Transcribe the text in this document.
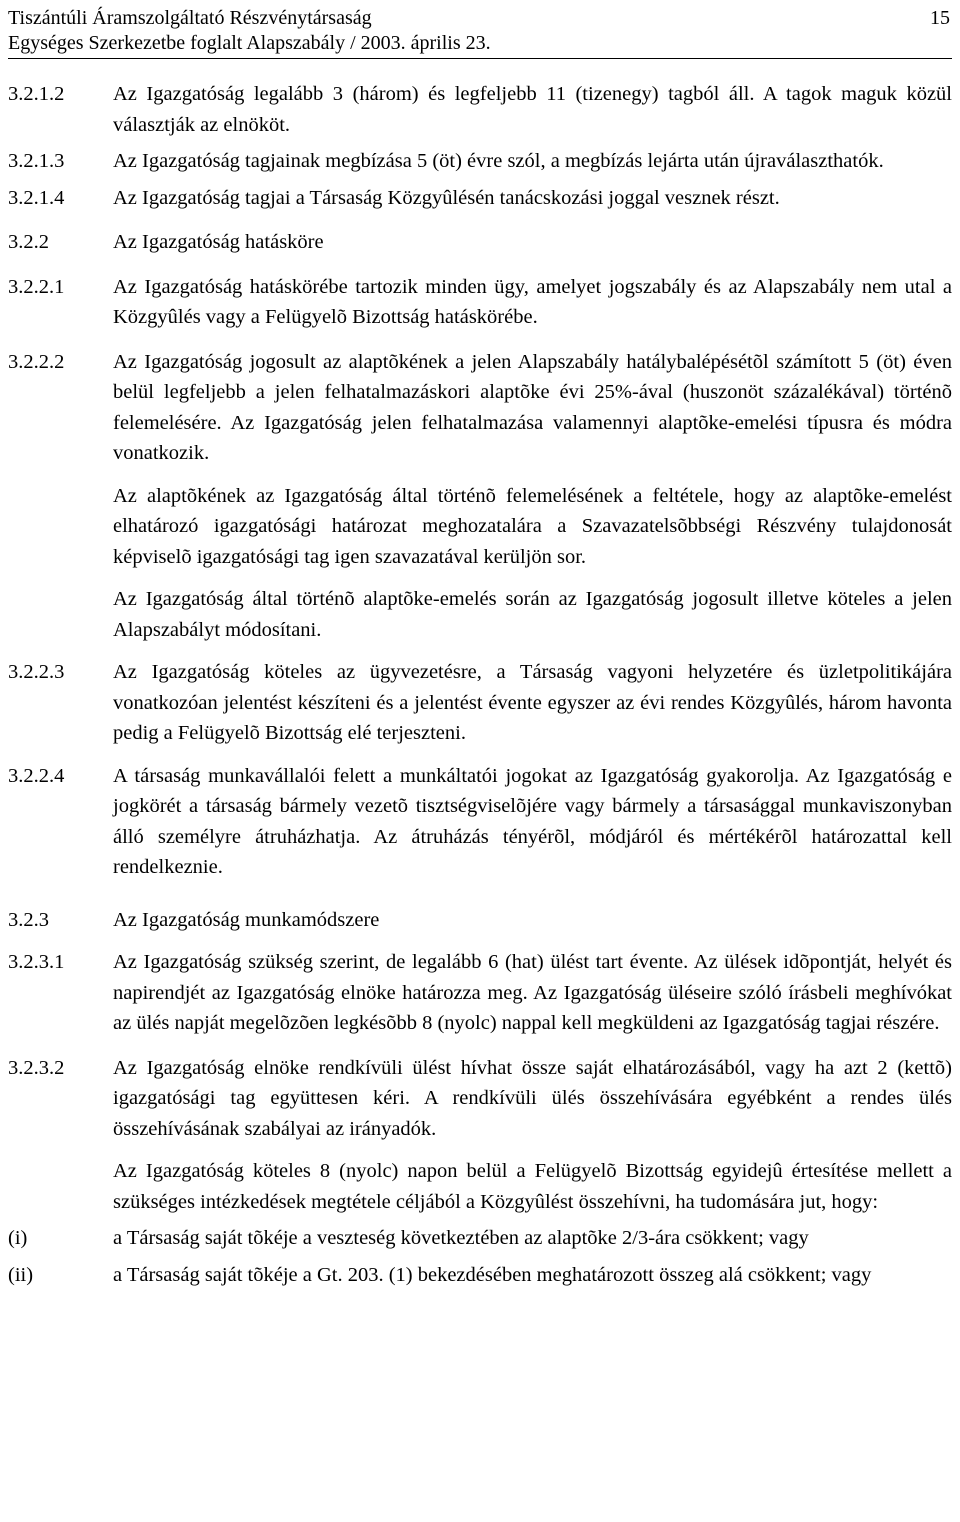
Tiszántúli Áramszolgáltató Részvénytársaság
Egységes Szerkezetbe foglalt Alapszabály / 2003. április 23.
15
3.2.1.2	Az Igazgatóság legalább 3 (három) és legfeljebb 11 (tizenegy) tagból áll. A tagok maguk közül választják az elnököt.
3.2.1.3	Az Igazgatóság tagjainak megbízása 5 (öt) évre szól, a megbízás lejárta után újraválaszthatók.
3.2.1.4	Az Igazgatóság tagjai a Társaság Közgyûlésén tanácskozási joggal vesznek részt.
3.2.2	Az Igazgatóság hatásköre
3.2.2.1	Az Igazgatóság hatáskörébe tartozik minden ügy, amelyet jogszabály és az Alapszabály nem utal a Közgyûlés vagy a Felügyelõ Bizottság hatáskörébe.
3.2.2.2	Az Igazgatóság jogosult az alaptõkének a jelen Alapszabály hatálybalépésétõl számított 5 (öt) éven belül legfeljebb a jelen felhatalmazáskori alaptõke évi 25%-ával (huszonöt százalékával) történõ felemelésére. Az Igazgatóság jelen felhatalmazása valamennyi alaptõke-emelési típusra és módra vonatkozik.
Az alaptõkének az Igazgatóság által történõ felemelésének a feltétele, hogy az alaptõke-emelést elhatározó igazgatósági határozat meghozatalára a Szavazatelsõbbségi Részvény tulajdonosát képviselõ igazgatósági tag igen szavazatával kerüljön sor.
Az Igazgatóság által történõ alaptõke-emelés során az Igazgatóság jogosult illetve köteles a jelen Alapszabályt módosítani.
3.2.2.3	Az Igazgatóság köteles az ügyvezetésre, a Társaság vagyoni helyzetére és üzletpolitikájára vonatkozóan jelentést készíteni és a jelentést évente egyszer az évi rendes Közgyûlés, három havonta pedig a Felügyelõ Bizottság elé terjeszteni.
3.2.2.4	A társaság munkavállalói felett a munkáltatói jogokat az Igazgatóság gyakorolja. Az Igazgatóság e jogkörét a társaság bármely vezetõ tisztségviselõjére vagy bármely a társasággal munkaviszonyban álló személyre átruházhatja. Az átruházás tényérõl, módjáról és mértékérõl határozattal kell rendelkeznie.
3.2.3	Az Igazgatóság munkamódszere
3.2.3.1	Az Igazgatóság szükség szerint, de legalább 6 (hat) ülést tart évente. Az ülések idõpontját, helyét és napirendjét az Igazgatóság elnöke határozza meg. Az Igazgatóság üléseire szóló írásbeli meghívókat az ülés napját megelõzõen legkésõbb 8 (nyolc) nappal kell megküldeni az Igazgatóság tagjai részére.
3.2.3.2	Az Igazgatóság elnöke rendkívüli ülést hívhat össze saját elhatározásából, vagy ha azt 2 (kettõ) igazgatósági tag együttesen kéri. A rendkívüli ülés összehívására egyébként a rendes ülés összehívásának szabályai az irányadók.
Az Igazgatóság köteles 8 (nyolc) napon belül a Felügyelõ Bizottság egyidejû értesítése mellett a szükséges intézkedések megtétele céljából a Közgyûlést összehívni, ha tudomására jut, hogy:
(i)	a Társaság saját tõkéje a veszteség következtében az alaptõke 2/3-ára csökkent; vagy
(ii)	a Társaság saját tõkéje a Gt. 203. (1) bekezdésében meghatározott összeg alá csökkent; vagy
